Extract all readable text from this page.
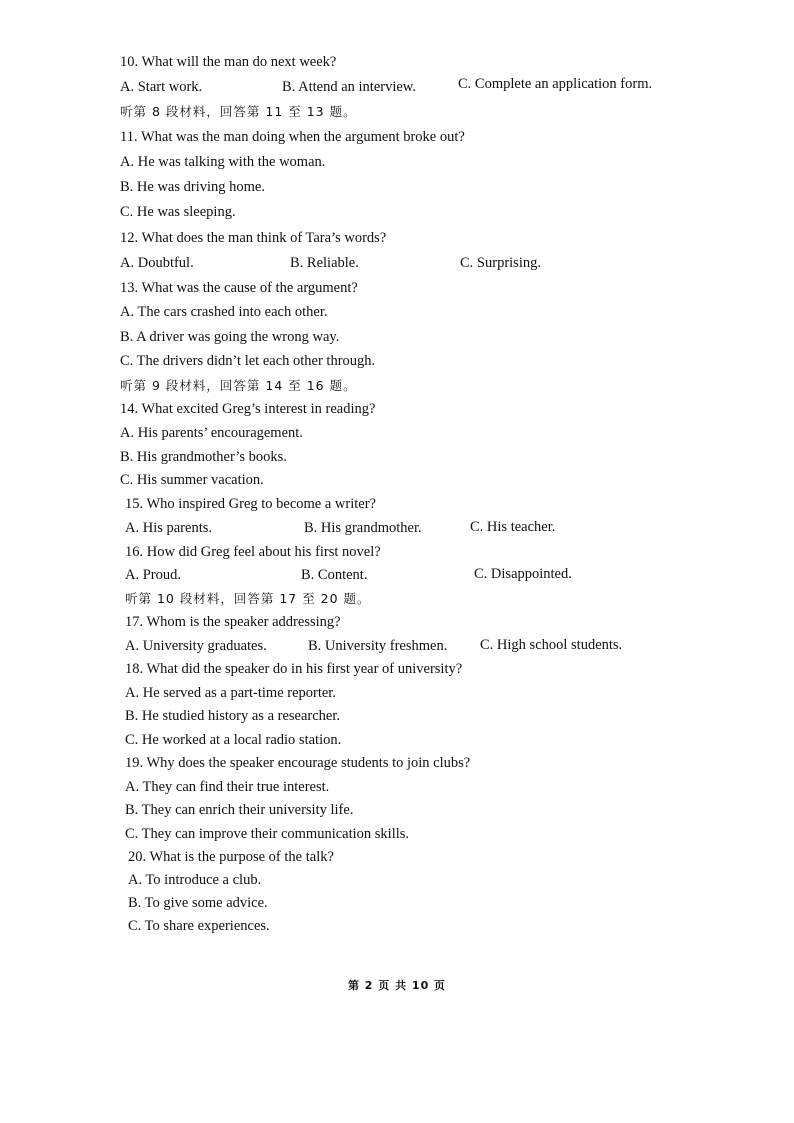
10. What will the man do next week?
A. Start work.	B. Attend an interview.	C. Complete an application form.
听第 8 段材料，回答第 11 至 13 题。
11. What was the man doing when the argument broke out?
A. He was talking with the woman.
B. He was driving home.
C. He was sleeping.
12. What does the man think of Tara’s words?
A. Doubtful.	B. Reliable.	C. Surprising.
13. What was the cause of the argument?
A. The cars crashed into each other.
B. A driver was going the wrong way.
C. The drivers didn’t let each other through.
听第 9 段材料，回答第 14 至 16 题。
14. What excited Greg’s interest in reading?
A. His parents’ encouragement.
B. His grandmother’s books.
C. His summer vacation.
15. Who inspired Greg to become a writer?
A. His parents.	B. His grandmother.	C. His teacher.
16. How did Greg feel about his first novel?
A. Proud.	B. Content.	C. Disappointed.
听第 10 段材料，回答第 17 至 20 题。
17. Whom is the speaker addressing?
A. University graduates.	B. University freshmen. C. High school students.
18. What did the speaker do in his first year of university?
A. He served as a part-time reporter.
B. He studied history as a researcher.
C. He worked at a local radio station.
19. Why does the speaker encourage students to join clubs?
A. They can find their true interest.
B. They can enrich their university life.
C. They can improve their communication skills.
20. What is the purpose of the talk?
A. To introduce a club.
B. To give some advice.
C. To share experiences.
第 2 页 共 10 页
